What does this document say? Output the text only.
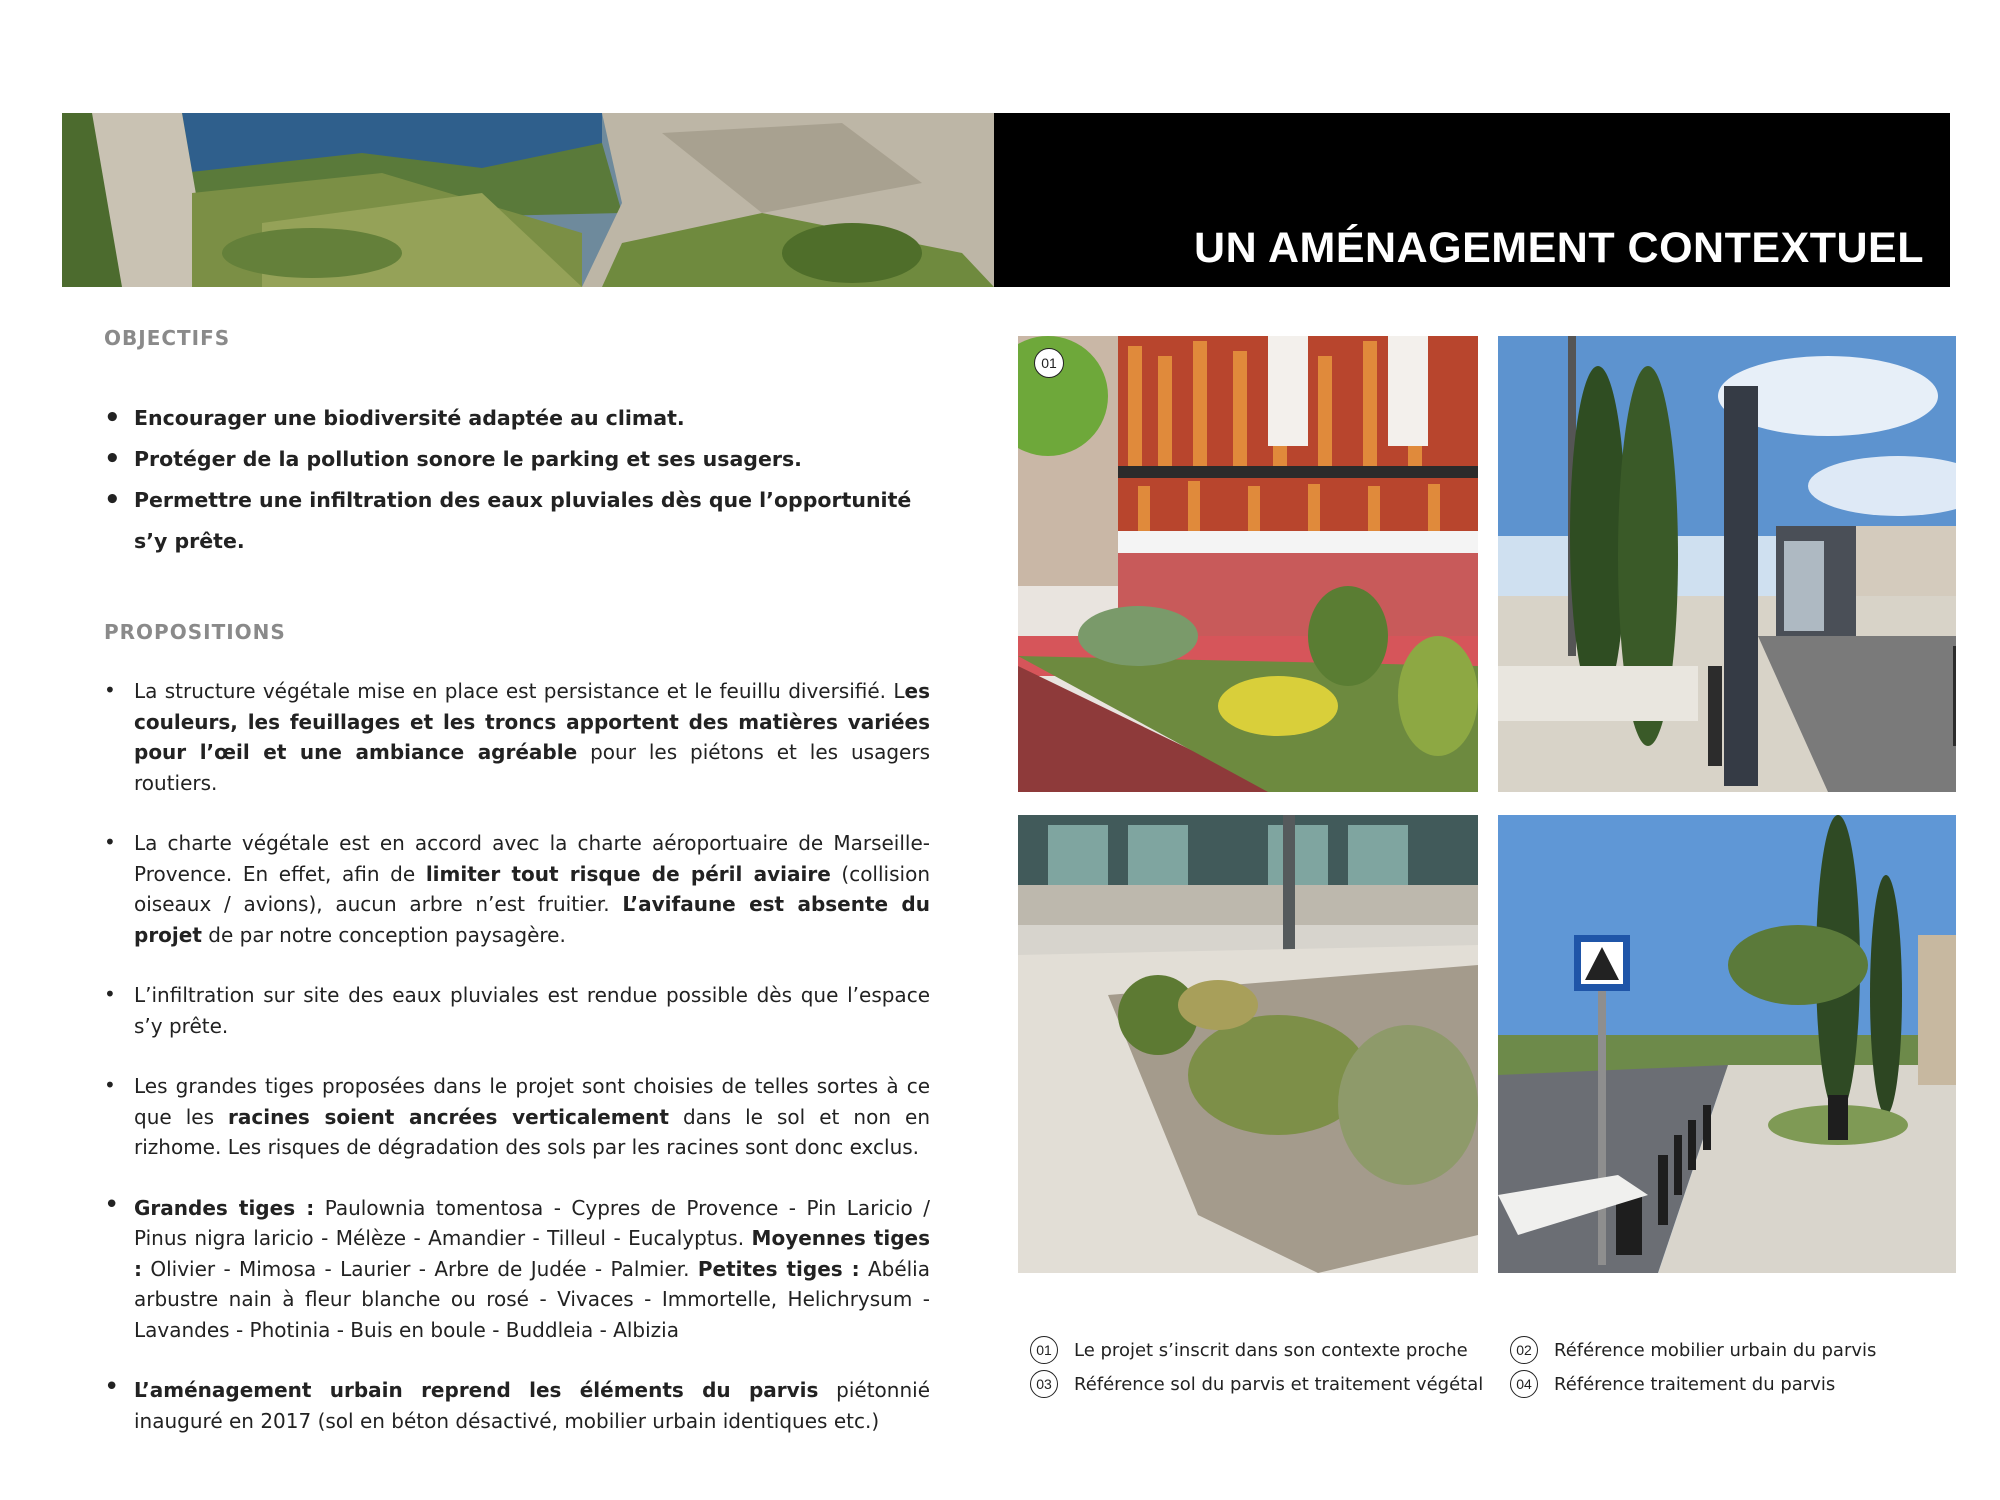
UN AMÉNAGEMENT CONTEXTUEL
OBJECTIFS
• Encourager une biodiversité adaptée au climat.
• Protéger de la pollution sonore le parking et ses usagers.
• Permettre une infiltration des eaux pluviales dès que l’opportunité s’y prête.
PROPOSITIONS
• La structure végétale mise en place est persistance et le feuillu diversifié. Les couleurs, les feuillages et les troncs apportent des matières variées pour l’œil et une ambiance agréable pour les piétons et les usagers routiers.
• La charte végétale est en accord avec la charte aéroportuaire de Marseille-Provence. En effet, afin de limiter tout risque de péril aviaire (collision oiseaux / avions), aucun arbre n’est fruitier. L’avifaune est absente du projet de par notre conception paysagère.
• L’infiltration sur site des eaux pluviales est rendue possible dès que l’espace s’y prête.
• Les grandes tiges proposées dans le projet sont choisies de telles sortes à ce que les racines soient ancrées verticalement dans le sol et non en rizhome. Les risques de dégradation des sols par les racines sont donc exclus.
• Grandes tiges : Paulownia tomentosa - Cypres de Provence - Pin Laricio / Pinus nigra laricio - Mélèze - Amandier - Tilleul - Eucalyptus. Moyennes tiges : Olivier - Mimosa - Laurier - Arbre de Judée - Palmier. Petites tiges : Abélia arbustre nain à fleur blanche ou rosé - Vivaces - Immortelle, Helichrysum - Lavandes - Photinia - Buis en boule - Buddleia - Albizia
• L’aménagement urbain reprend les éléments du parvis piétonnié inauguré en 2017 (sol en béton désactivé, mobilier urbain identiques etc.)
01
01	Le projet s’inscrit dans son contexte proche	02	Référence mobilier urbain du parvis
03	Référence sol du parvis et traitement végétal	04	Référence traitement du parvis
